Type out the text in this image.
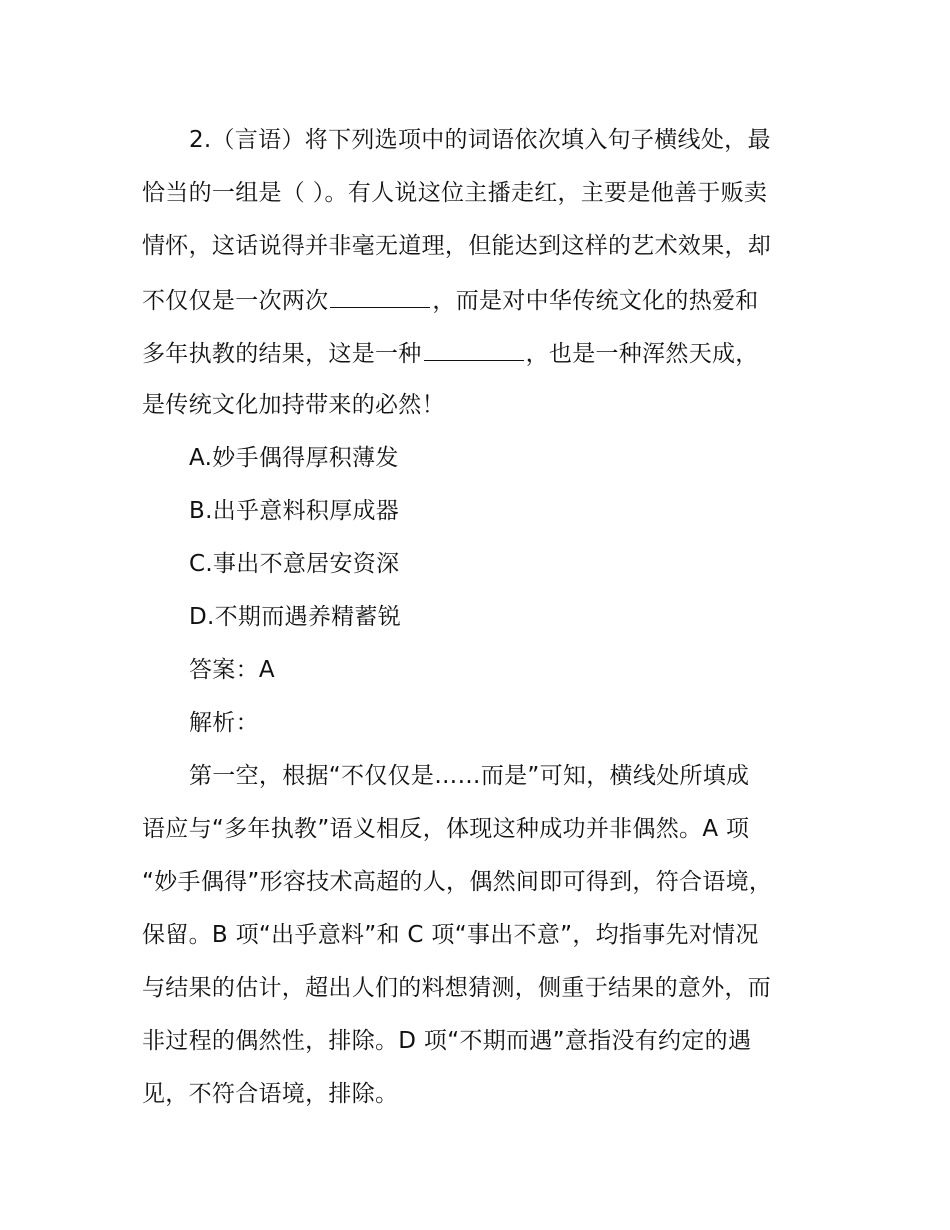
2.（言语）将下列选项中的词语依次填入句子横线处，最
恰当的一组是（ ）。有人说这位主播走红，主要是他善于贩卖
情怀，这话说得并非毫无道理，但能达到这样的艺术效果，却
不仅仅是一次两次	，而是对中华传统文化的热爱和
多年执教的结果，这是一种	，也是一种浑然天成，
是传统文化加持带来的必然！
A.妙手偶得厚积薄发
B.出乎意料积厚成器
C.事出不意居安资深
D.不期而遇养精蓄锐
答案：A
解析：
第一空，根据“不仅仅是……而是”可知，横线处所填成
语应与“多年执教”语义相反，体现这种成功并非偶然。A 项
“妙手偶得”形容技术高超的人，偶然间即可得到，符合语境，
保留。B 项“出乎意料”和 C 项“事出不意”，均指事先对情况
与结果的估计，超出人们的料想猜测，侧重于结果的意外，而
非过程的偶然性，排除。D 项“不期而遇”意指没有约定的遇
见，不符合语境，排除。
